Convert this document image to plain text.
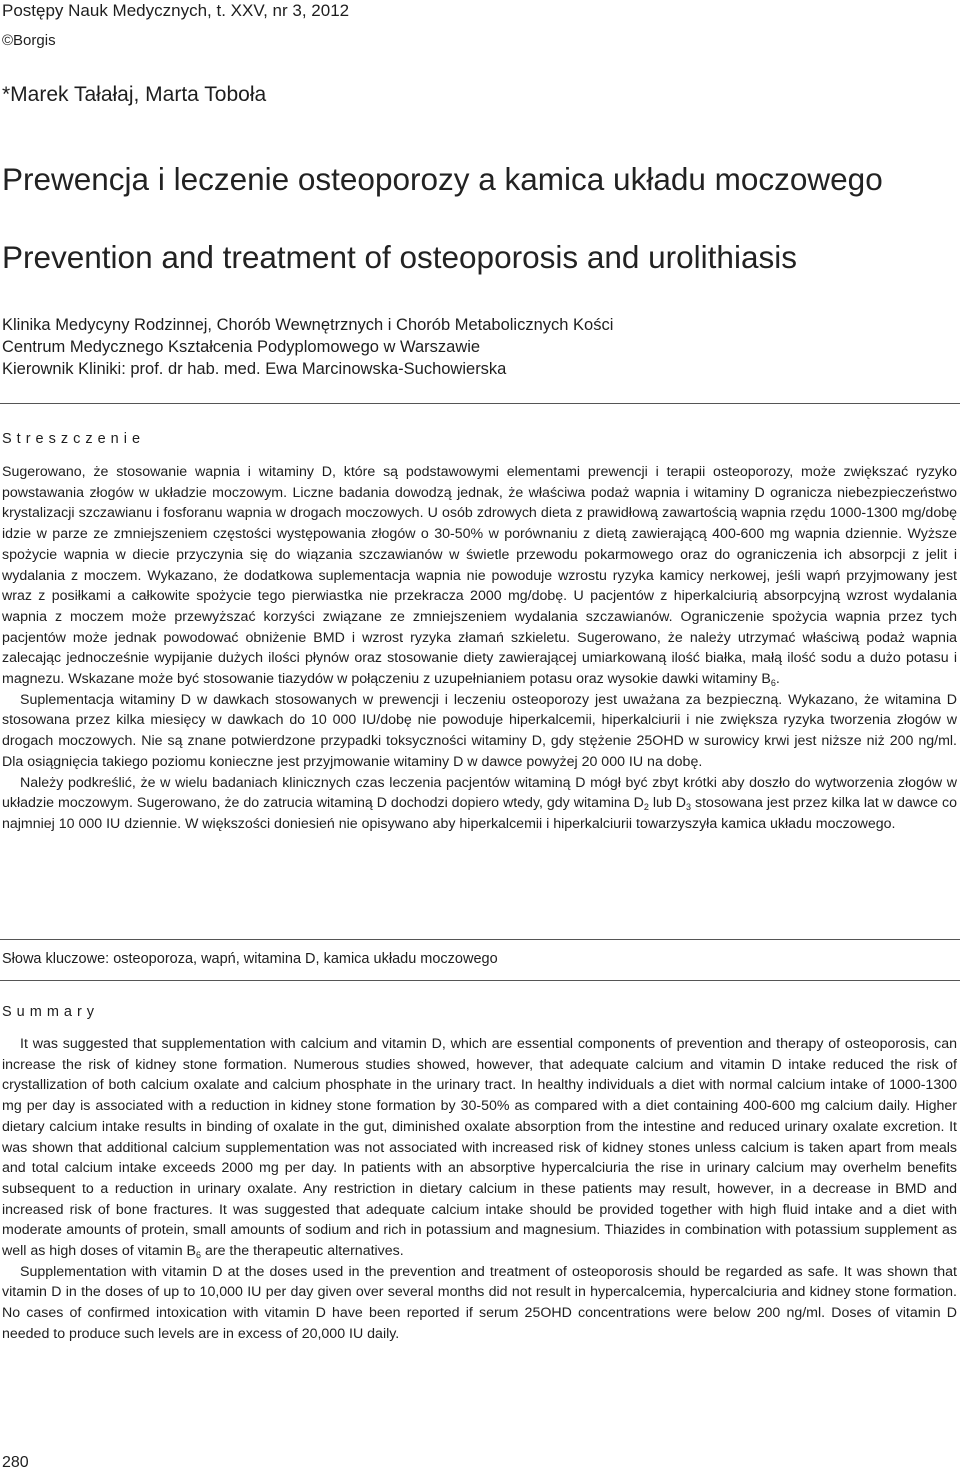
Postępy Nauk Medycznych, t. XXV, nr 3, 2012
©Borgis
*Marek Tałałaj, Marta Toboła
Prewencja i leczenie osteoporozy a kamica układu moczowego
Prevention and treatment of osteoporosis and urolithiasis
Klinika Medycyny Rodzinnej, Chorób Wewnętrznych i Chorób Metabolicznych Kości
Centrum Medycznego Kształcenia Podyplomowego w Warszawie
Kierownik Kliniki: prof. dr hab. med. Ewa Marcinowska-Suchowierska
Streszczenie

Sugerowano, że stosowanie wapnia i witaminy D, które są podstawowymi elementami prewencji i terapii osteoporozy, może zwiększać ryzyko powstawania złogów w układzie moczowym. Liczne badania dowodzą jednak, że właściwa podaż wapnia i witaminy D ogranicza niebezpieczeństwo krystalizacji szczawianu i fosforanu wapnia w drogach moczowych. U osób zdrowych dieta z prawidłową zawartością wapnia rzędu 1000-1300 mg/dobę idzie w parze ze zmniejszeniem częstości występowania złogów o 30-50% w porównaniu z dietą zawierającą 400-600 mg wapnia dziennie. Wyższe spożycie wapnia w diecie przyczynia się do wiązania szczawianów w świetle przewodu pokarmowego oraz do ograniczenia ich absorpcji z jelit i wydalania z moczem. Wykazano, że dodatkowa suplementacja wapnia nie powoduje wzrostu ryzyka kamicy nerkowej, jeśli wapń przyjmowany jest wraz z posiłkami a całkowite spożycie tego pierwiastka nie przekracza 2000 mg/dobę. U pacjentów z hiperkalciurią absorpcyjną wzrost wydalania wapnia z moczem może przewyższać korzyści związane ze zmniejszeniem wydalania szczawianów. Ograniczenie spożycia wapnia przez tych pacjentów może jednak powodować obniżenie BMD i wzrost ryzyka złamań szkieletu. Sugerowano, że należy utrzymać właściwą podaż wapnia zalecając jednocześnie wypijanie dużych ilości płynów oraz stosowanie diety zawierającej umiarkowaną ilość białka, małą ilość sodu a dużo potasu i magnezu. Wskazane może być stosowanie tiazydów w połączeniu z uzupełnianiem potasu oraz wysokie dawki witaminy $B_6$.

Suplementacja witaminy D w dawkach stosowanych w prewencji i leczeniu osteoporozy jest uważana za bezpieczną. Wykazano, że witamina D stosowana przez kilka miesięcy w dawkach do 10 000 IU/dobę nie powoduje hiperkalcemii, hiperkalciurii i nie zwiększa ryzyka tworzenia złogów w drogach moczowych. Nie są znane potwierdzone przypadki toksyczności witaminy D, gdy stężenie 25OHD w surowicy krwi jest niższe niż 200 ng/ml. Dla osiągnięcia takiego poziomu konieczne jest przyjmowanie witaminy D w dawce powyżej 20 000 IU na dobę.

Należy podkreślić, że w wielu badaniach klinicznych czas leczenia pacjentów witaminą D mógł być zbyt krótki aby doszło do wytworzenia złogów w układzie moczowym. Sugerowano, że do zatrucia witaminą D dochodzi dopiero wtedy, gdy witamina $D_2$ lub $D_3$ stosowana jest przez kilka lat w dawce co najmniej 10 000 IU dziennie. W większości doniesień nie opisywano aby hiperkalcemii i hiperkalciurii towarzyszyła kamica układu moczowego.

Słowa kluczowe: osteoporoza, wapń, witamina D, kamica układu moczowego
Summary

It was suggested that supplementation with calcium and vitamin D, which are essential components of prevention and therapy of osteoporosis, can increase the risk of kidney stone formation. Numerous studies showed, however, that adequate calcium and vitamin D intake reduced the risk of crystallization of both calcium oxalate and calcium phosphate in the urinary tract. In healthy individuals a diet with normal calcium intake of 1000-1300 mg per day is associated with a reduction in kidney stone formation by 30-50% as compared with a diet containing 400-600 mg calcium daily. Higher dietary calcium intake results in binding of oxalate in the gut, diminished oxalate absorption from the intestine and reduced urinary oxalate excretion. It was shown that additional calcium supplementation was not associated with increased risk of kidney stones unless calcium is taken apart from meals and total calcium intake exceeds 2000 mg per day. In patients with an absorptive hypercalciuria the rise in urinary calcium may overhelm benefits subsequent to a reduction in urinary oxalate. Any restriction in dietary calcium in these patients may result, however, in a decrease in BMD and increased risk of bone fractures. It was suggested that adequate calcium intake should be provided together with high fluid intake and a diet with moderate amounts of protein, small amounts of sodium and rich in potassium and magnesium. Thiazides in combination with potassium supplement as well as high doses of vitamin $B_6$ are the therapeutic alternatives.

Supplementation with vitamin D at the doses used in the prevention and treatment of osteoporosis should be regarded as safe. It was shown that vitamin D in the doses of up to 10,000 IU per day given over several months did not result in hypercalcemia, hypercalciuria and kidney stone formation. No cases of confirmed intoxication with vitamin D have been reported if serum 25OHD concentrations were below 200 ng/ml. Doses of vitamin D needed to produce such levels are in excess of 20,000 IU daily.

280
